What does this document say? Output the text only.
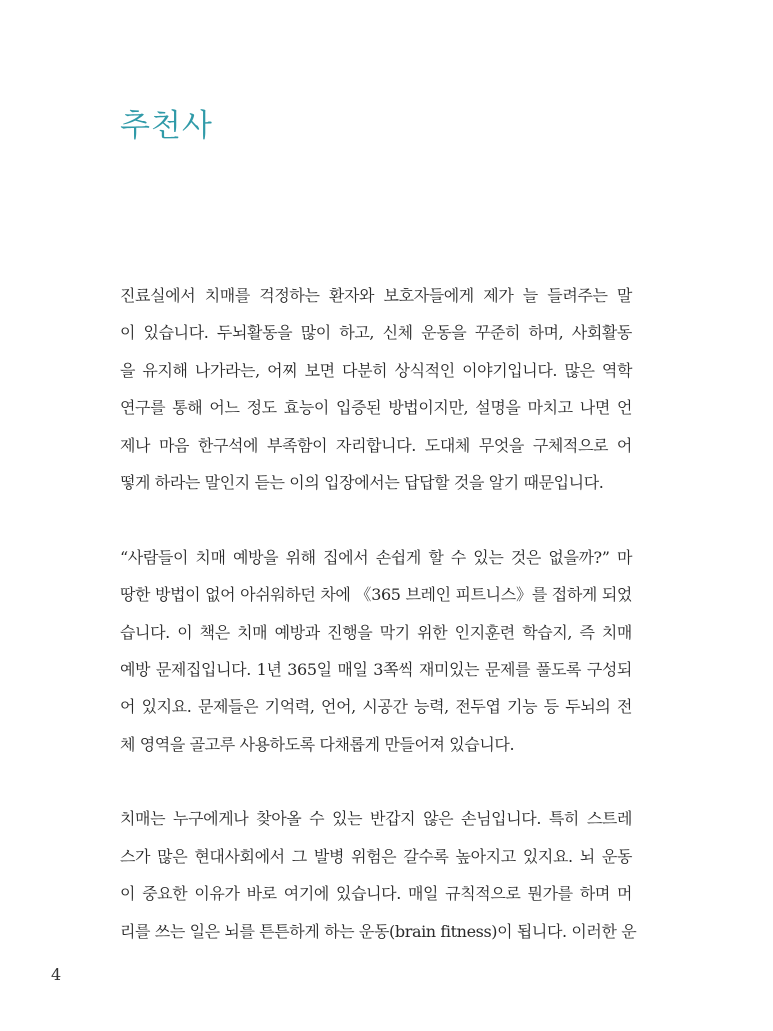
추천사
진료실에서 치매를 걱정하는 환자와 보호자들에게 제가 늘 들려주는 말
이 있습니다. 두뇌활동을 많이 하고, 신체 운동을 꾸준히 하며, 사회활동
을 유지해 나가라는, 어찌 보면 다분히 상식적인 이야기입니다. 많은 역학
연구를 통해 어느 정도 효능이 입증된 방법이지만, 설명을 마치고 나면 언
제나 마음 한구석에 부족함이 자리합니다. 도대체 무엇을 구체적으로 어
떻게 하라는 말인지 듣는 이의 입장에서는 답답할 것을 알기 때문입니다.
“사람들이 치매 예방을 위해 집에서 손쉽게 할 수 있는 것은 없을까?” 마
땅한 방법이 없어 아쉬워하던 차에 《365 브레인 피트니스》를 접하게 되었
습니다. 이 책은 치매 예방과 진행을 막기 위한 인지훈련 학습지, 즉 치매
예방 문제집입니다. 1년 365일 매일 3쪽씩 재미있는 문제를 풀도록 구성되
어 있지요. 문제들은 기억력, 언어, 시공간 능력, 전두엽 기능 등 두뇌의 전
체 영역을 골고루 사용하도록 다채롭게 만들어져 있습니다.
치매는 누구에게나 찾아올 수 있는 반갑지 않은 손님입니다. 특히 스트레
스가 많은 현대사회에서 그 발병 위험은 갈수록 높아지고 있지요. 뇌 운동
이 중요한 이유가 바로 여기에 있습니다. 매일 규칙적으로 뭔가를 하며 머
리를 쓰는 일은 뇌를 튼튼하게 하는 운동(brain fitness)이 됩니다. 이러한 운
4
